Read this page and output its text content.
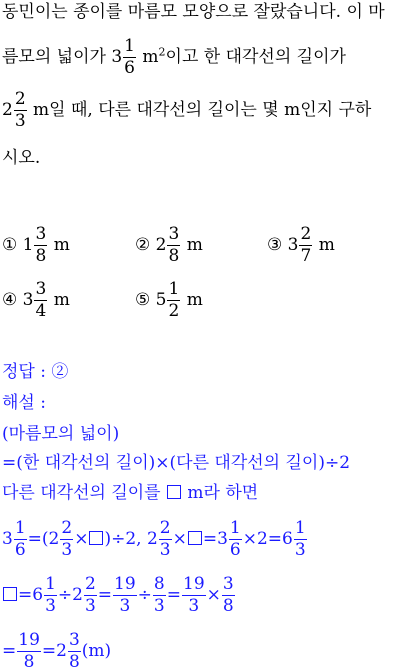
동민이는 종이를 마름모 모양으로 잘랐습니다. 이 마
름모의 넓이가 $3 \frac{1}{6} m^2$이고 한 대각선의 길이가
$2 \frac{2}{3}$ m일 때, 다른 대각선의 길이는 몇 m인지 구하
시오.
① $1 \frac{3}{8}$ m	② $2 \frac{3}{8}$ m	③ $3 \frac{2}{7}$ m
④ $3 \frac{3}{4}$ m	⑤ $5 \frac{1}{2}$ m
정답 : ②
해설 :
(마름모의 넓이)
=(한 대각선의 길이)×(다른 대각선의 길이)÷2
다른 대각선의 길이를  m라 하면
$3 \frac{1}{6} =(2 \frac{2}{3} \times )\div 2$, $2 \frac{2}{3} \times =3 \frac{1}{6} \times 2=6 \frac{1}{3}$
$=6 \frac{1}{3} \div 2 \frac{2}{3} = \frac{19}{3} \div \frac{8}{3} = \frac{19}{3} \times \frac{3}{8}$
= $\frac{19}{8} =2 \frac{3}{8} (m)$
